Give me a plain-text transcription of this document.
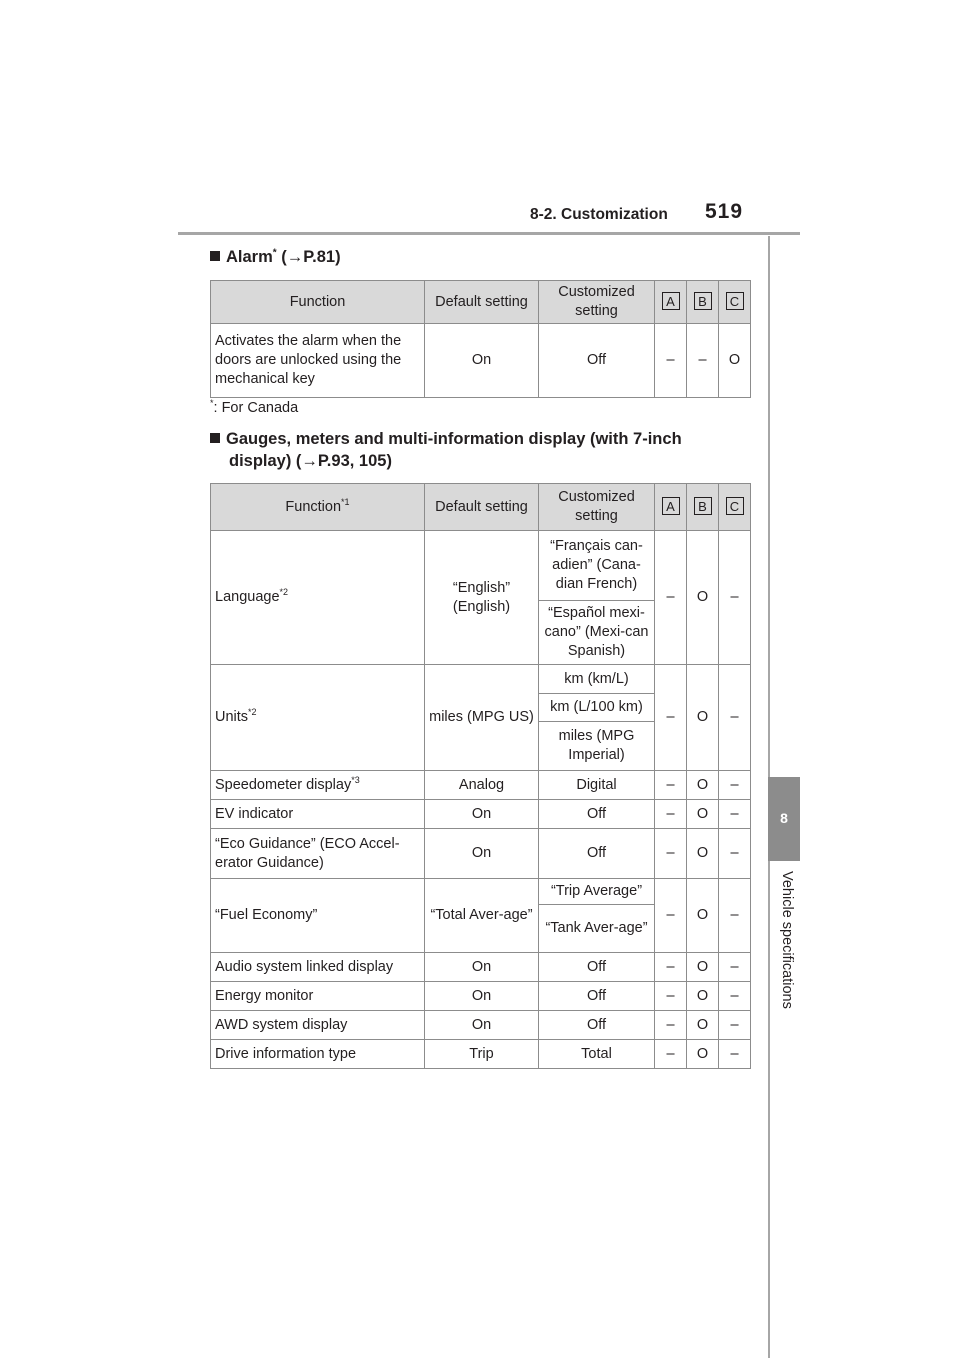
8-2. Customization 519
8
Vehicle specifications
Alarm* (→P.81)
Function	Default setting	Customized setting	A	B	C
Activates the alarm when the doors are unlocked using the mechanical key	On	Off	–	–	O
*: For Canada
Gauges, meters and multi-information display (with 7-inch
display) (→P.93, 105)
Function$^{*1}$	Default setting	Customized setting	A	B	C
Language$^{*2}$	“English” (English)	“Français can-adien” (Cana-dian French)	–	O	–
		“Español mexi-cano” (Mexi-can Spanish)			
Units$^{*2}$	miles (MPG US)	km (km/L)	–	O	–
		km (L/100 km)			
		miles (MPG Imperial)			
Speedometer display$^{*3}$	Analog	Digital	–	O	–
EV indicator	On	Off	–	O	–
“Eco Guidance” (ECO Accel-erator Guidance)	On	Off	–	O	–
“Fuel Economy”	“Total Aver-age”	“Trip Average”	–	O	–
		“Tank Aver-age”			
Audio system linked display	On	Off	–	O	–
Energy monitor	On	Off	–	O	–
AWD system display	On	Off	–	O	–
Drive information type	Trip	Total	–	O	–
